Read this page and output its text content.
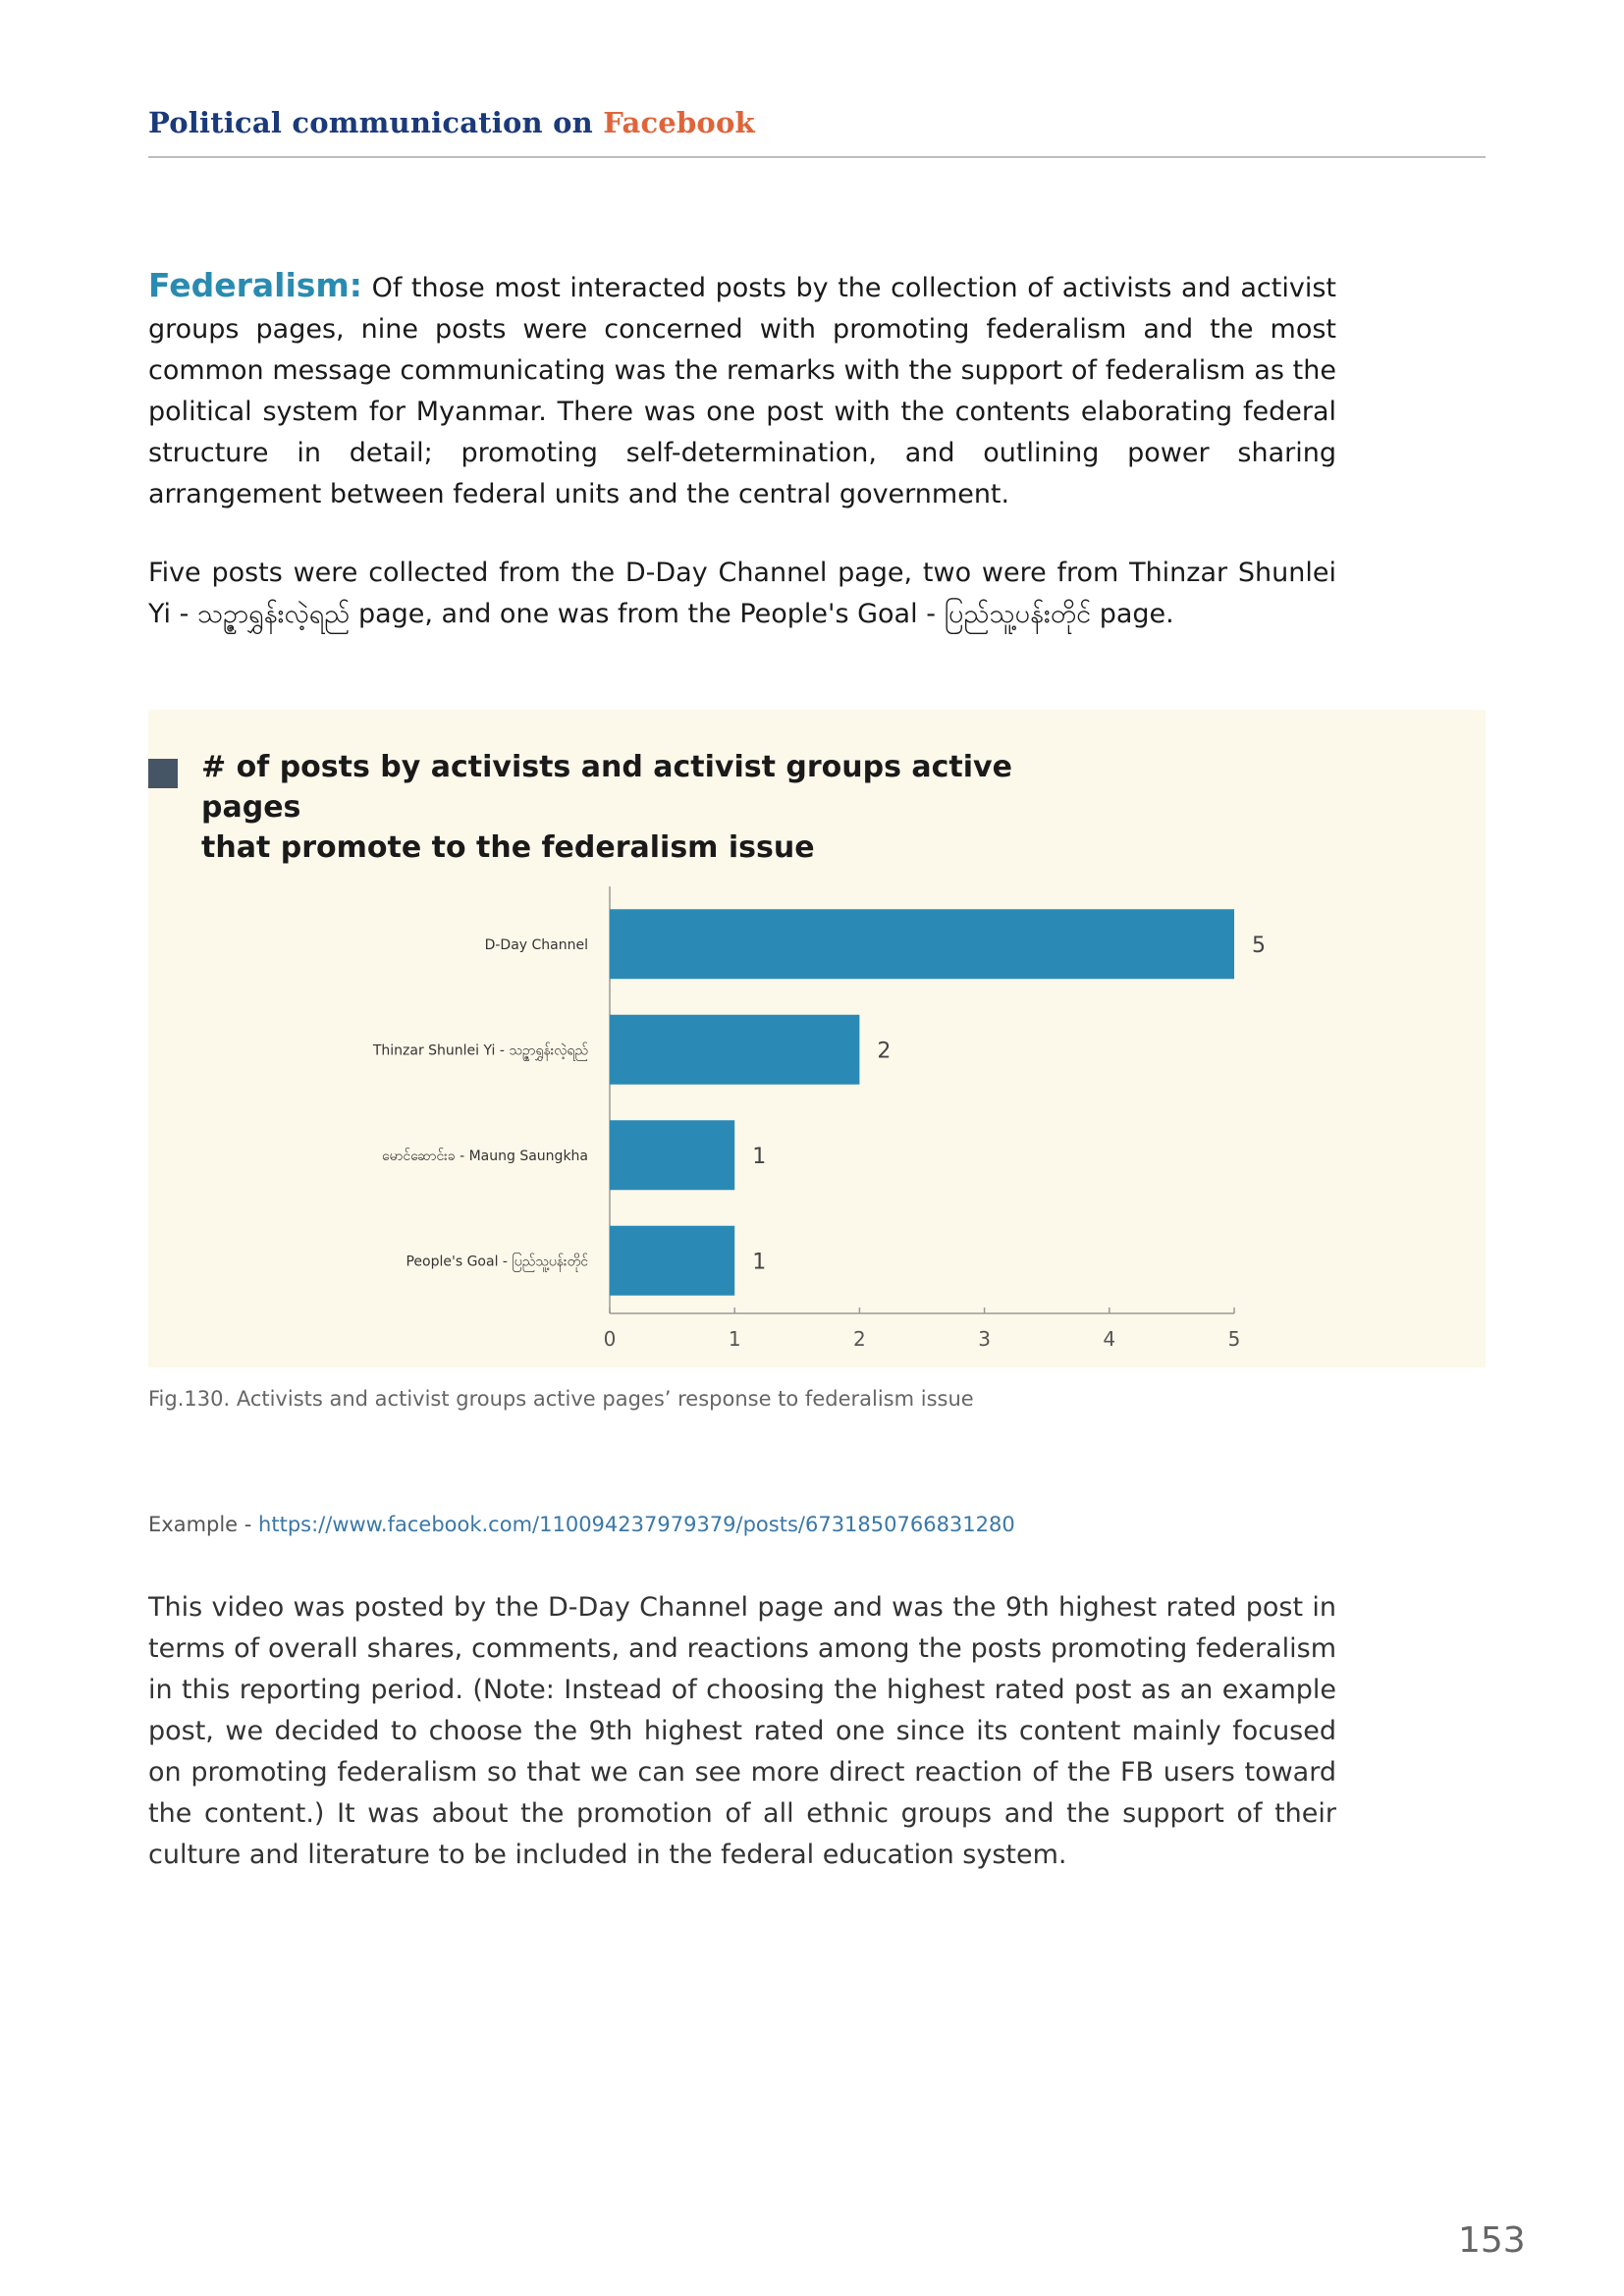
Political communication on Facebook

Federalism: Of those most interacted posts by the collection of activists and activist groups pages, nine posts were concerned with promoting federalism and the most common message communicating was the remarks with the support of federalism as the political system for Myanmar. There was one post with the contents elaborating federal structure in detail; promoting self-determination, and outlining power sharing arrangement between federal units and the central government.

Five posts were collected from the D-Day Channel page, two were from Thinzar Shunlei Yi - သဉ္ဇာရွှန်းလဲ့ရည် page, and one was from the People's Goal - ပြည်သူ့ပန်းတိုင် page.

# of posts by activists and activist groups active pages
that promote to the federalism issue
0	1	2	3	4	5
D-Day Channel	5
Thinzar Shunlei Yi - သဉ္ဇာရွှန်းလဲ့ရည်	2
မောင်ဆောင်းခ - Maung Saungkha	1
People's Goal - ပြည်သူ့ပန်းတိုင်	1

Fig.130. Activists and activist groups active pages’ response to federalism issue

Example - https://www.facebook.com/110094237979379/posts/6731850766831280

This video was posted by the D-Day Channel page and was the 9th highest rated post in terms of overall shares, comments, and reactions among the posts promoting federalism in this reporting period. (Note: Instead of choosing the highest rated post as an example post, we decided to choose the 9th highest rated one since its content mainly focused on promoting federalism so that we can see more direct reaction of the FB users toward the content.) It was about the promotion of all ethnic groups and the support of their culture and literature to be included in the federal education system.

153
